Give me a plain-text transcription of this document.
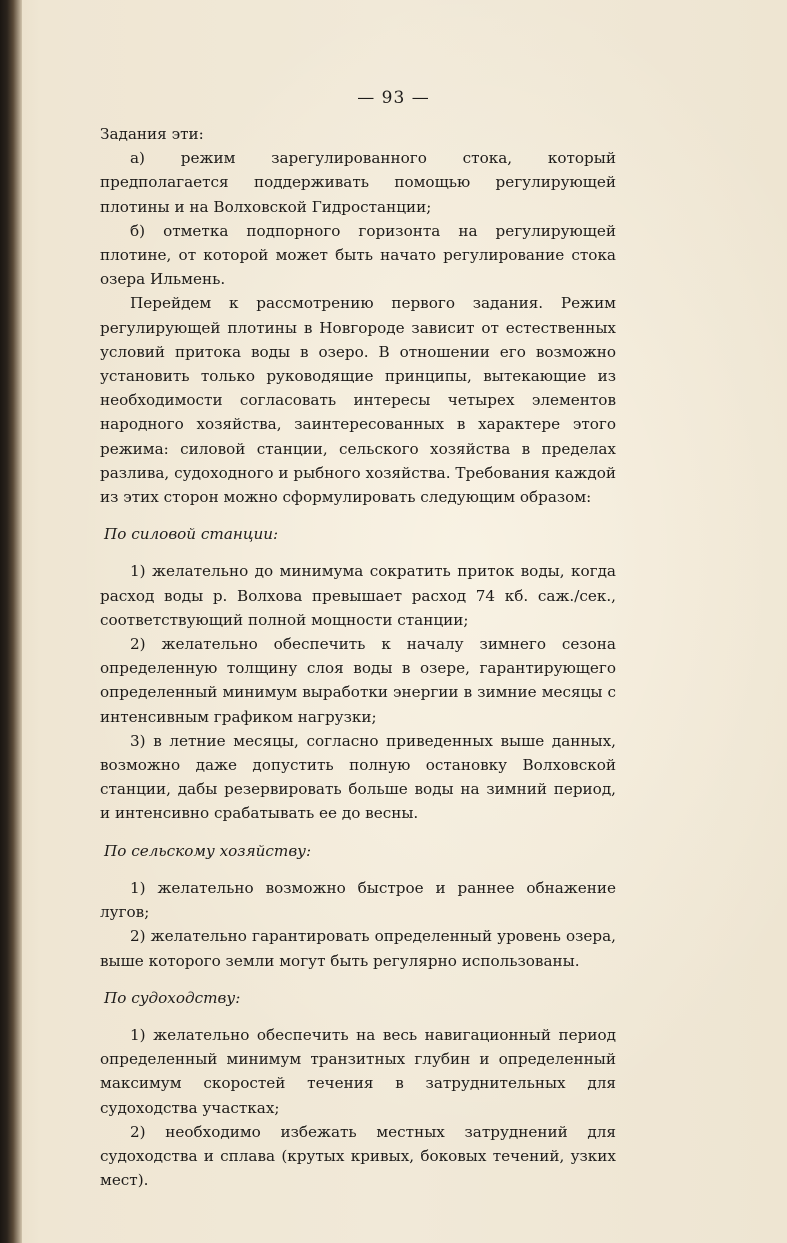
— 93 —

Задания эти:

а) режим зарегулированного стока, который предполагается поддерживать помощью регулирующей плотины и на Волховской Гидростанции;

б) отметка подпорного горизонта на регулирующей плотине, от которой может быть начато регулирование стока озера Ильмень.

Перейдем к рассмотрению первого задания. Режим регулирующей плотины в Новгороде зависит от естественных условий притока воды в озеро. В отношении его возможно установить только руководящие принципы, вытекающие из необходимости согласовать интересы четырех элементов народного хозяйства, заинтересованных в характере этого режима: силовой станции, сельского хозяйства в пределах разлива, судоходного и рыбного хозяйства. Требования каждой из этих сторон можно сформулировать следующим образом:

По силовой станции:

1) желательно до минимума сократить приток воды, когда расход воды р. Волхова превышает расход 74 кб. саж./сек., соответствующий полной мощности станции;

2) желательно обеспечить к началу зимнего сезона определенную толщину слоя воды в озере, гарантирующего определенный минимум выработки энергии в зимние месяцы с интенсивным графиком нагрузки;

3) в летние месяцы, согласно приведенных выше данных, возможно даже допустить полную остановку Волховской станции, дабы резервировать больше воды на зимний период, и интенсивно срабатывать ее до весны.

По сельскому хозяйству:

1) желательно возможно быстрое и раннее обнажение лугов;

2) желательно гарантировать определенный уровень озера, выше которого земли могут быть регулярно использованы.

По судоходству:

1) желательно обеспечить на весь навигационный период определенный минимум транзитных глубин и определенный максимум скоростей течения в затруднительных для судоходства участках;

2) необходимо избежать местных затруднений для судоходства и сплава (крутых кривых, боковых течений, узких мест).
